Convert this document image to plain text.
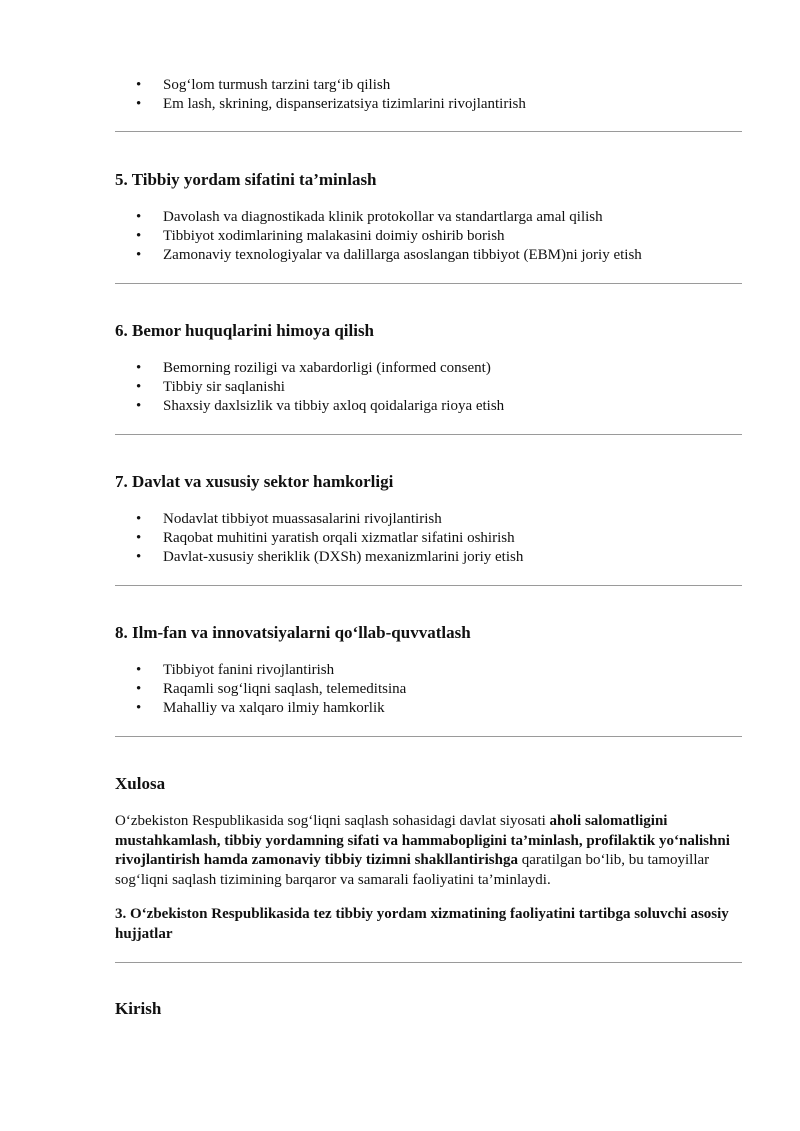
• Sog‘lom turmush tarzini targ‘ib qilish
• Em lash, skrining, dispanserizatsiya tizimlarini rivojlantirish
5. Tibbiy yordam sifatini ta’minlash
• Davolash va diagnostikada klinik protokollar va standartlarga amal qilish
• Tibbiyot xodimlarining malakasini doimiy oshirib borish
• Zamonaviy texnologiyalar va dalillarga asoslangan tibbiyot (EBM)ni joriy etish
6. Bemor huquqlarini himoya qilish
• Bemorning roziligi va xabardorligi (informed consent)
• Tibbiy sir saqlanishi
• Shaxsiy daxlsizlik va tibbiy axloq qoidalariga rioya etish
7. Davlat va xususiy sektor hamkorligi
• Nodavlat tibbiyot muassasalarini rivojlantirish
• Raqobat muhitini yaratish orqali xizmatlar sifatini oshirish
• Davlat-xususiy sheriklik (DXSh) mexanizmlarini joriy etish
8. Ilm-fan va innovatsiyalarni qo‘llab-quvvatlash
• Tibbiyot fanini rivojlantirish
• Raqamli sog‘liqni saqlash, telemeditsina
• Mahalliy va xalqaro ilmiy hamkorlik
Xulosa

O‘zbekiston Respublikasida sog‘liqni saqlash sohasidagi davlat siyosati aholi salomatligini mustahkamlash, tibbiy yordamning sifati va hammabopligini ta’minlash, profilaktik yo‘nalishni rivojlantirish hamda zamonaviy tibbiy tizimni shakllantirishga qaratilgan bo‘lib, bu tamoyillar sog‘liqni saqlash tizimining barqaror va samarali faoliyatini ta’minlaydi.

3. O‘zbekiston Respublikasida tez tibbiy yordam xizmatining faoliyatini tartibga soluvchi asosiy hujjatlar

Kirish
